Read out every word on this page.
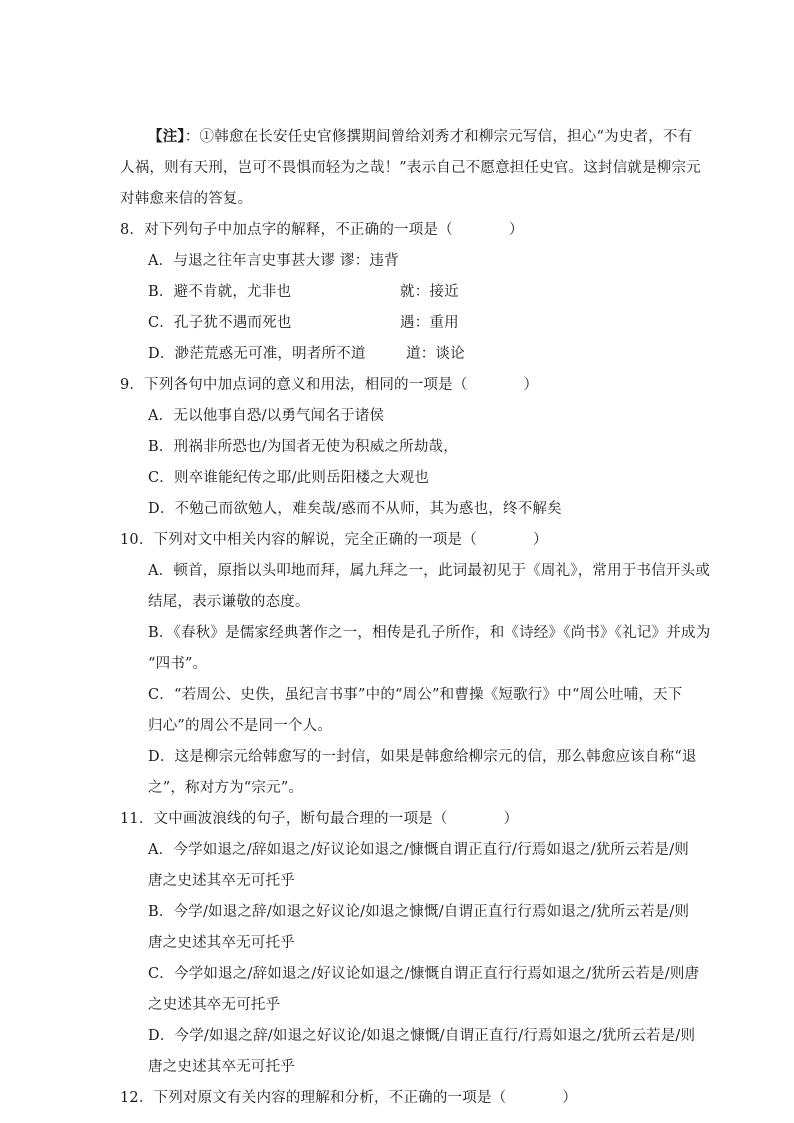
【注】：①韩愈在长安任史官修撰期间曾给刘秀才和柳宗元写信，担心“为史者，不有
人祸，则有天刑，岂可不畏惧而轻为之哉！”表示自己不愿意担任史官。这封信就是柳宗元
对韩愈来信的答复。
8．对下列句子中加点字的解释，不正确的一项是（	）
A．与退之往年言史事甚大谬 谬：违背
B．避不肯就，尤非也	就：接近
C．孔子犹不遇而死也	遇：重用
D．渺茫荒惑无可准，明者所不道	道：谈论
9．下列各句中加点词的意义和用法，相同的一项是（	）
A．无以他事自恐/以勇气闻名于诸侯
B．刑祸非所恐也/为国者无使为积威之所劫哉，
C．则卒谁能纪传之耶/此则岳阳楼之大观也
D．不勉己而欲勉人，难矣哉/惑而不从师，其为惑也，终不解矣
10．下列对文中相关内容的解说，完全正确的一项是（	）
A．顿首，原指以头叩地而拜，属九拜之一，此词最初见于《周礼》，常用于书信开头或
结尾，表示谦敬的态度。
B．《春秋》是儒家经典著作之一，相传是孔子所作，和《诗经》《尚书》《礼记》并成为
“四书”。
C．“若周公、史佚，虽纪言书事”中的“周公”和曹操《短歌行》中“周公吐哺，天下
归心”的周公不是同一个人。
D．这是柳宗元给韩愈写的一封信，如果是韩愈给柳宗元的信，那么韩愈应该自称“退
之”，称对方为“宗元”。
11．文中画波浪线的句子，断句最合理的一项是（	）
A．今学如退之/辞如退之/好议论如退之/慷慨自谓正直行/行焉如退之/犹所云若是/则
唐之史述其卒无可托乎
B．今学/如退之辞/如退之好议论/如退之慷慨/自谓正直行行焉如退之/犹所云若是/则
唐之史述其卒无可托乎
C．今学如退之/辞如退之/好议论如退之/慷慨自谓正直行行焉如退之/犹所云若是/则唐
之史述其卒无可托乎
D．今学/如退之辞/如退之好议论/如退之慷慨/自谓正直行/行焉如退之/犹所云若是/则
唐之史述其卒无可托乎
12．下列对原文有关内容的理解和分析，不正确的一项是（	）
